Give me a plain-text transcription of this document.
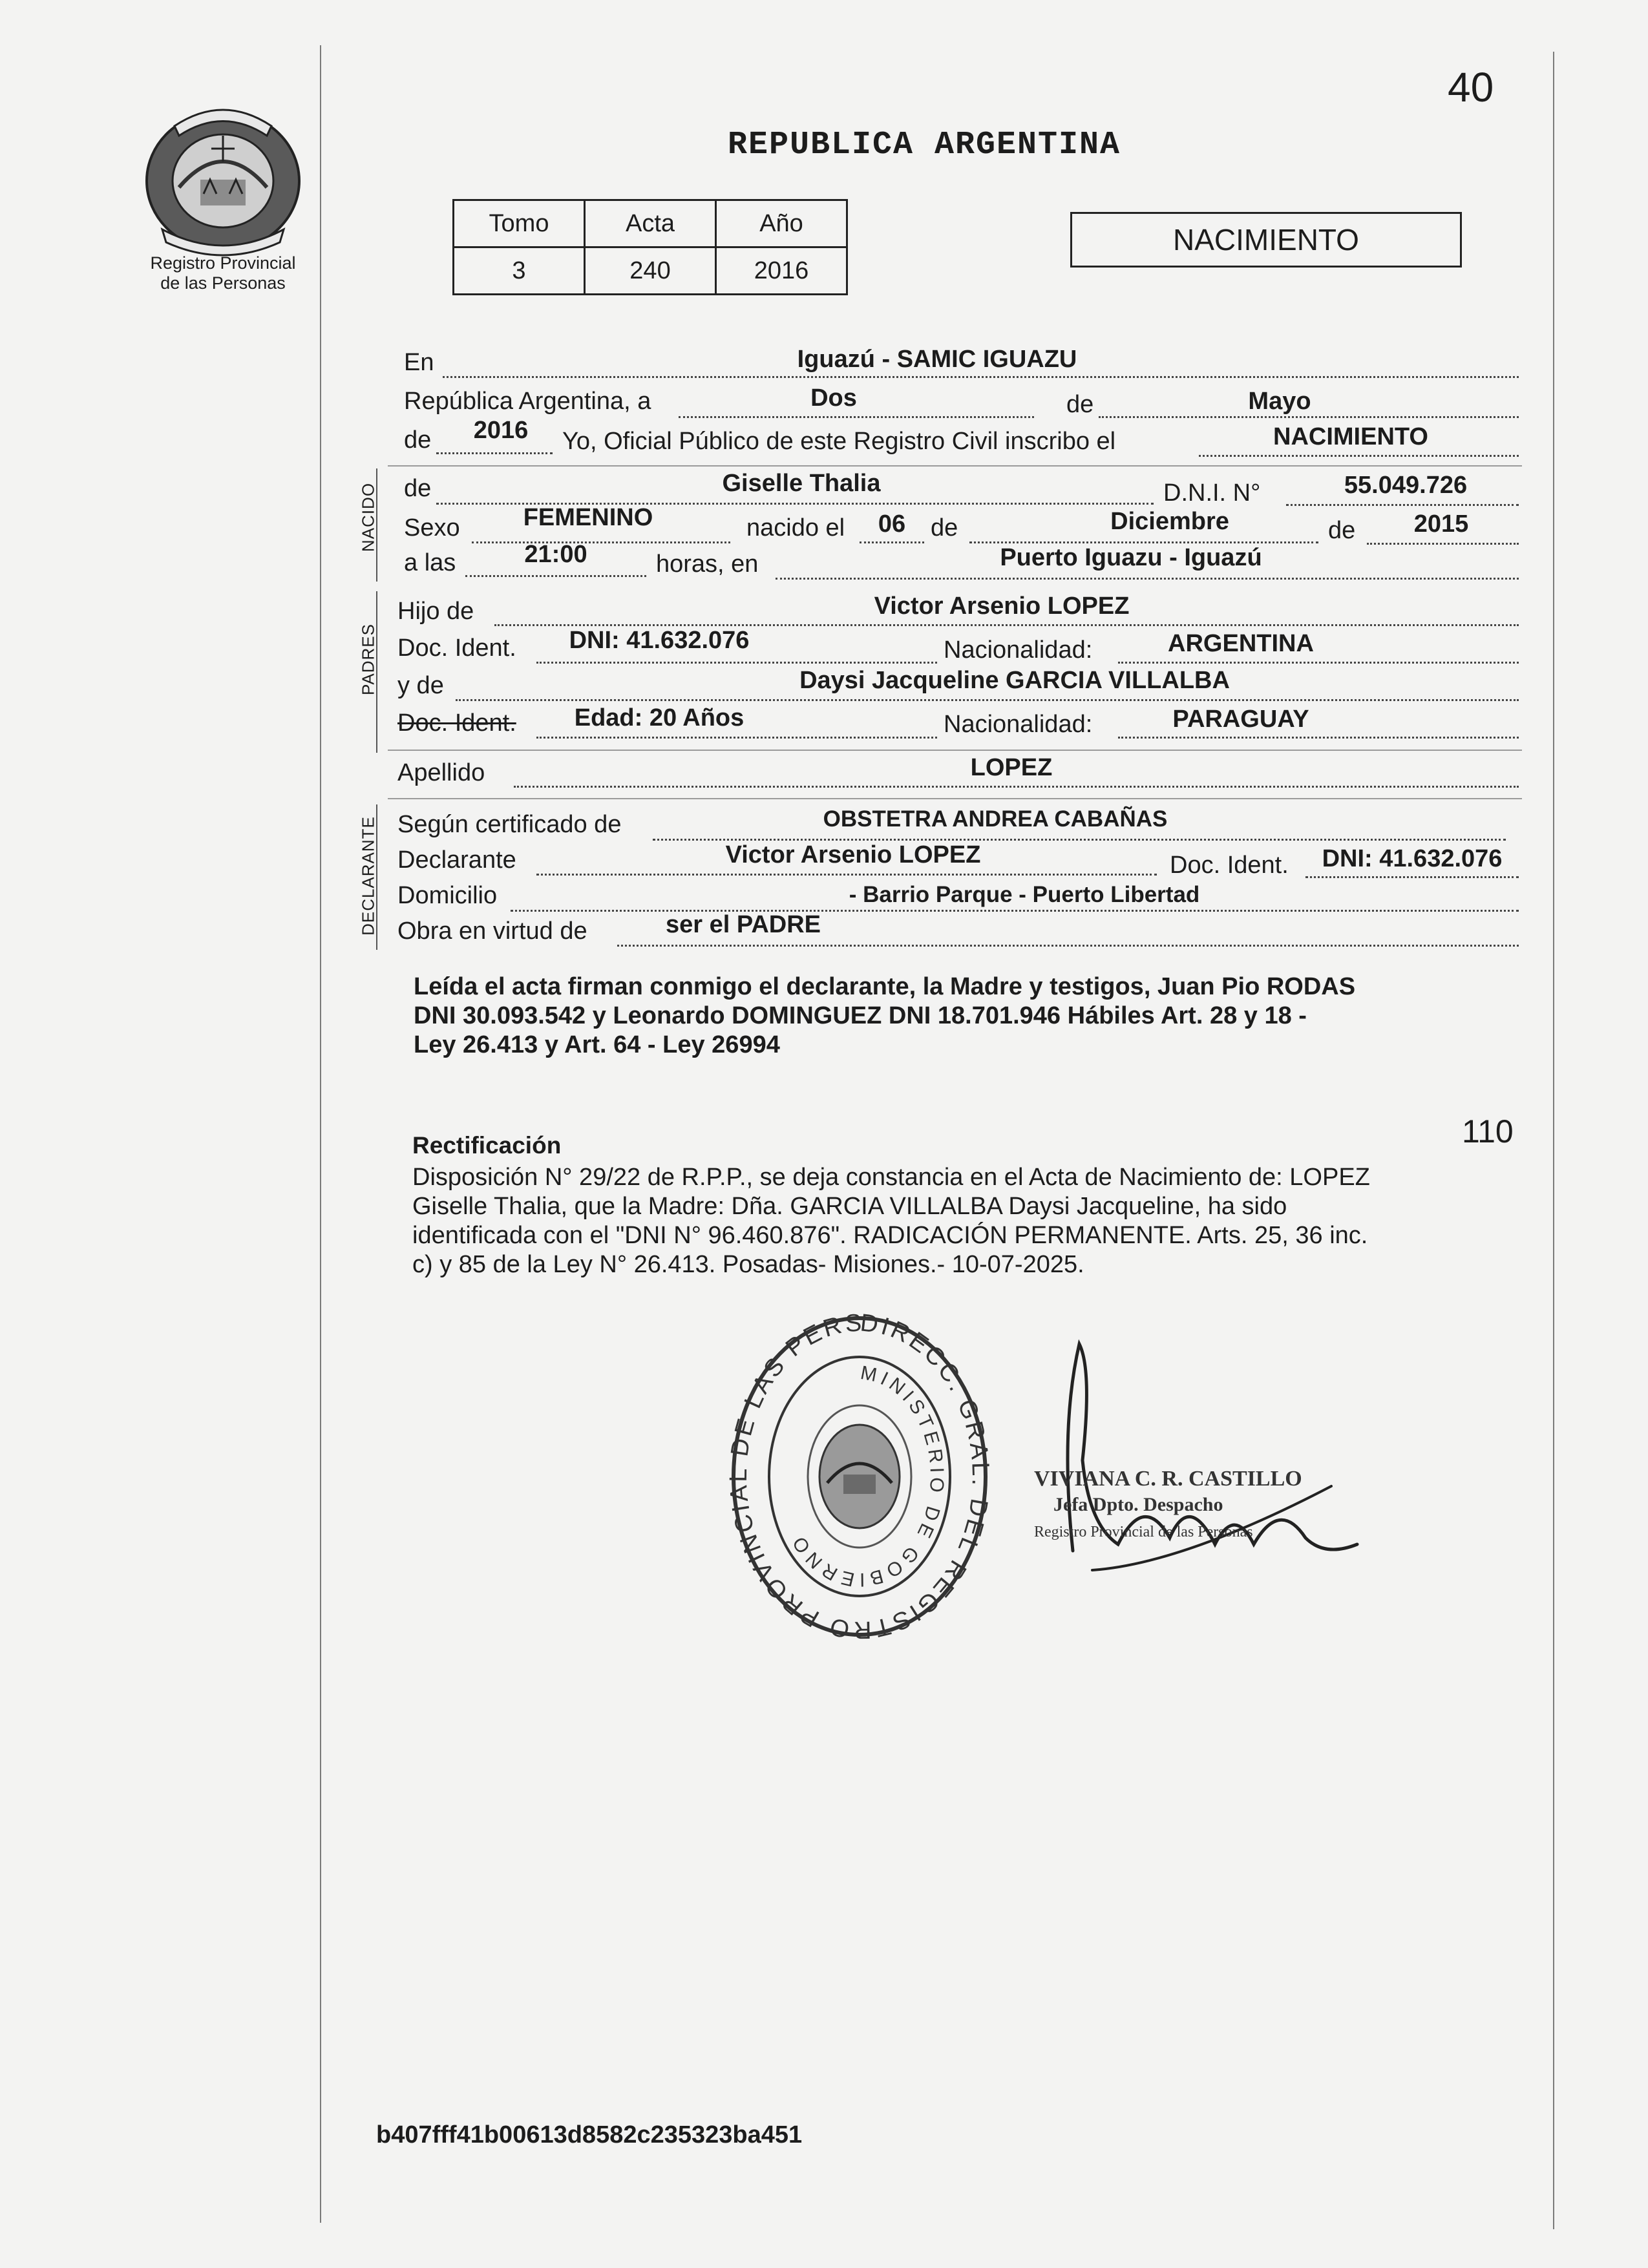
Registro Provincial
de las Personas
40
REPUBLICA ARGENTINA
Tomo	Acta	Año
3	240	2016
NACIMIENTO
En	Iguazú - SAMIC IGUAZU
República Argentina, a	Dos	de	Mayo
de	2016	Yo, Oficial Público de este Registro Civil inscribo el	NACIMIENTO
NACIDO de	Giselle Thalia	D.N.I. N°	55.049.726
Sexo	FEMENINO	nacido el	06	de	Diciembre	de	2015
a las	21:00	horas, en	Puerto Iguazu - Iguazú
PADRES
Hijo de	Victor Arsenio LOPEZ
Doc. Ident.	DNI: 41.632.076	Nacionalidad:	ARGENTINA
y de	Daysi Jacqueline GARCIA VILLALBA
Doc. Ident.	Edad: 20 Años	Nacionalidad:	PARAGUAY
Apellido	LOPEZ
DECLARANTE Según certificado de	OBSTETRA ANDREA CABAÑAS
Declarante	Victor Arsenio LOPEZ	Doc. Ident.	DNI: 41.632.076
Domicilio	- Barrio Parque - Puerto Libertad
Obra en virtud de	ser el PADRE
Leída el acta firman conmigo el declarante, la Madre y testigos, Juan Pio RODAS
DNI 30.093.542 y Leonardo DOMINGUEZ DNI 18.701.946 Hábiles Art. 28 y 18 -
Ley 26.413 y Art. 64 - Ley 26994
110
Rectificación
Disposición N° 29/22 de R.P.P., se deja constancia en el Acta de Nacimiento de: LOPEZ
Giselle Thalia, que la Madre: Dña. GARCIA VILLALBA Daysi Jacqueline, ha sido
identificada con el "DNI N° 96.460.876". RADICACIÓN PERMANENTE. Arts. 25, 36 inc.
c) y 85 de la Ley N° 26.413. Posadas- Misiones.- 10-07-2025.
DIRECC. GRAL. DEL REGISTRO PROVINCIAL DE LAS PERS
MINISTERIO DE GOBIERNO
VIVIANA C. R. CASTILLO
Jefa Dpto. Despacho
Registro Provincial de las Personas
b407fff41b00613d8582c235323ba451
